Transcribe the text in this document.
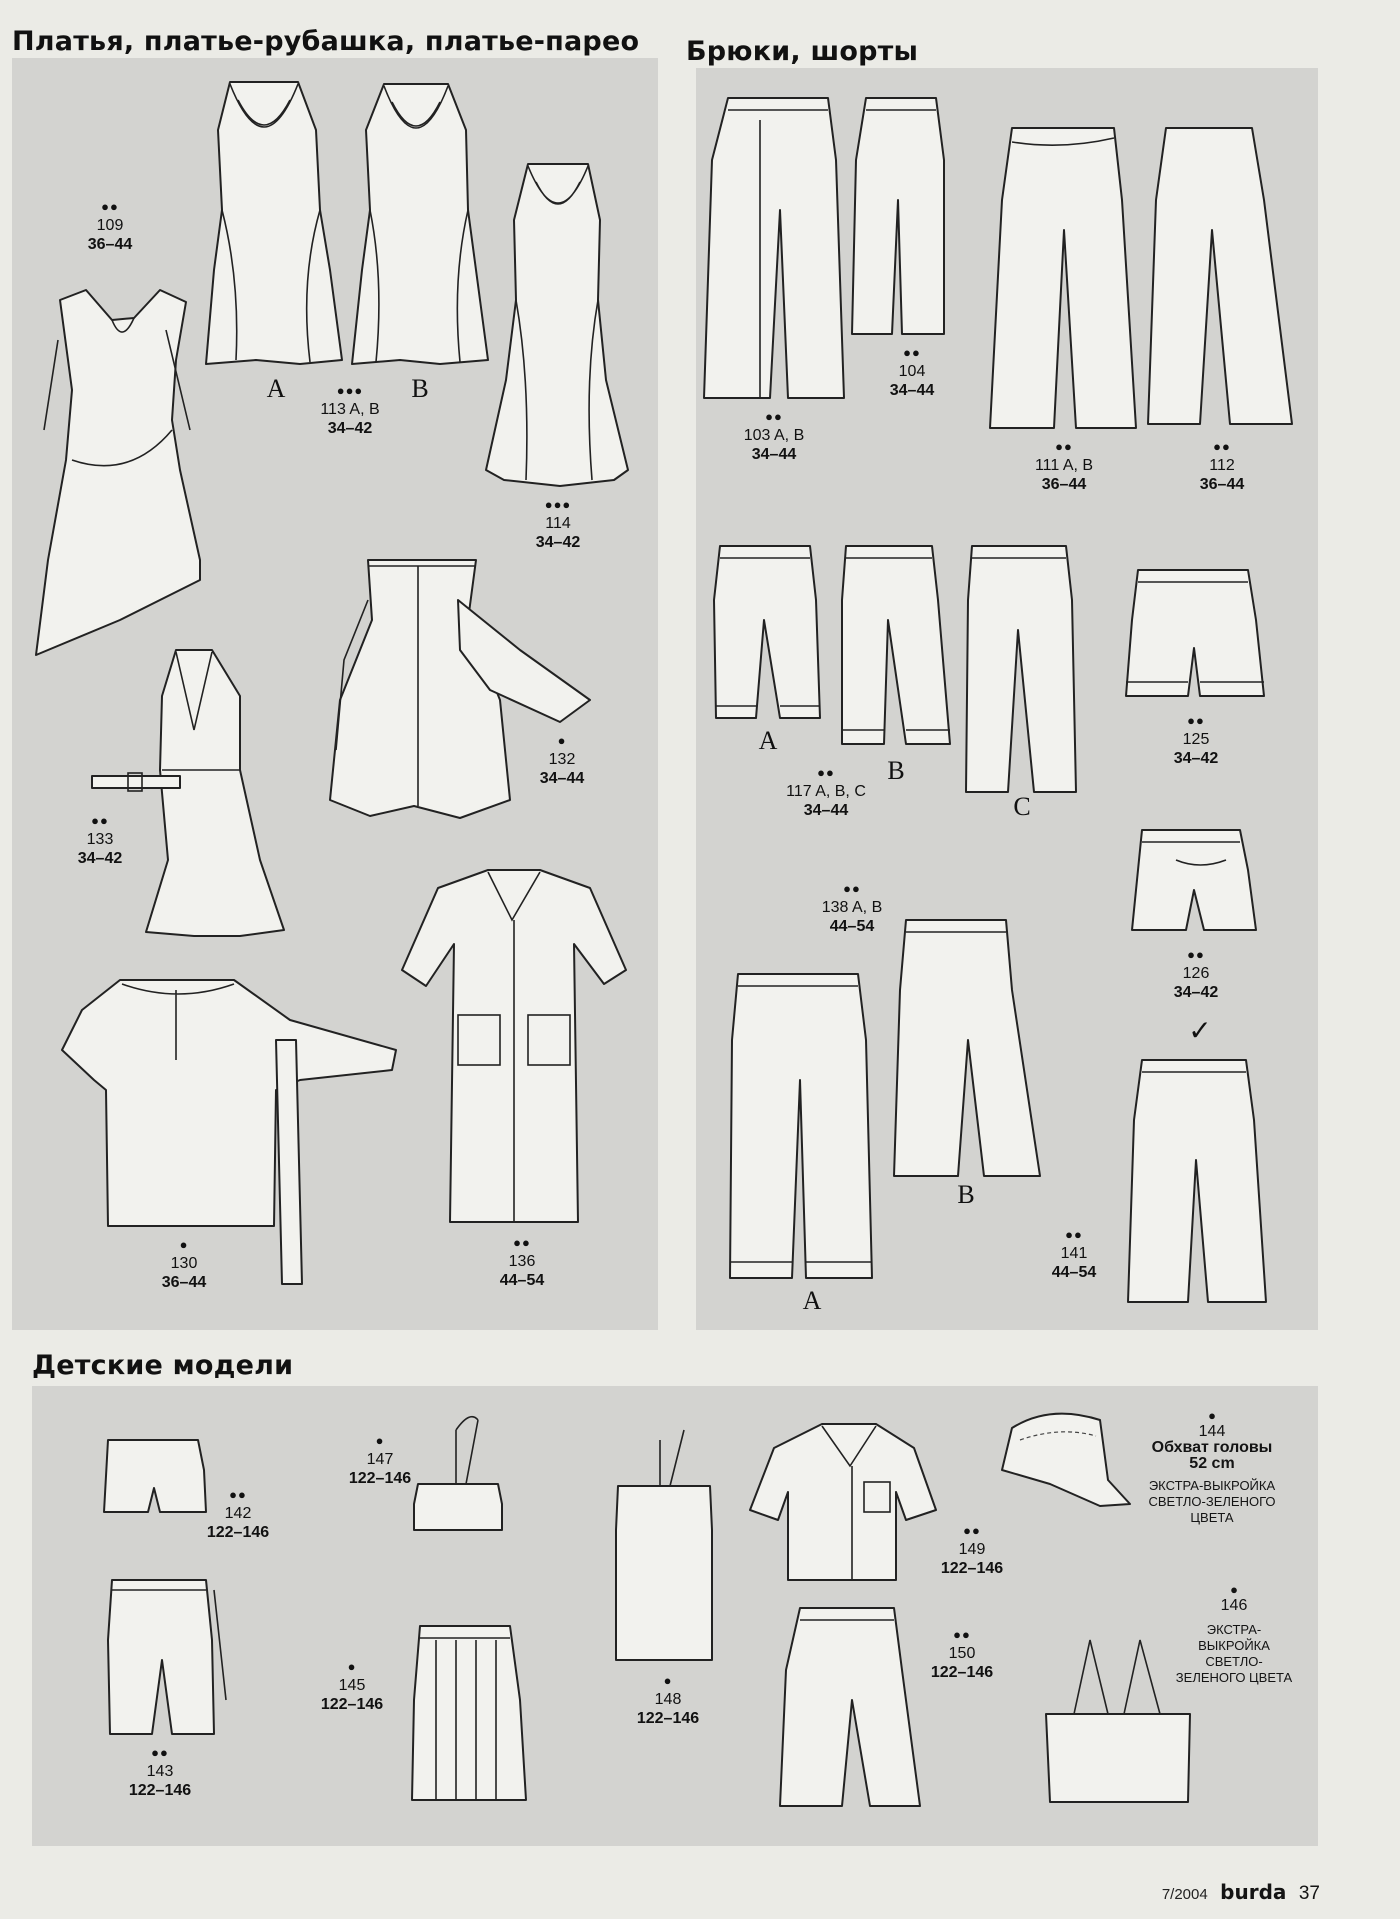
Платья, платье-рубашка, платье-парео Брюки, шорты
Детские модели
●●
109
36–44
A	B
●●●
113 A, B
34–42
●●●
114
34–42
●
132
34–44
●●
133
34–42
●
130
36–44
●●
136
44–54
●●
103 A, B
34–44
●●
104
34–44
●●
111 A, B
36–44
●●
112
36–44
A
B
C
●●
117 A, B, C
34–44
●●
125
34–42
●●
138 A, B
44–54
B
A
●●
126
34–42
✓
●●
141
44–54
●●
142
122–146
●
147
122–146
●●
143
122–146
●
145
122–146
●
148
122–146
●●
149
122–146
●●
150
122–146
●
144
Обхват головы
52 cm
ЭКСТРА-ВЫКРОЙКА
СВЕТЛО-ЗЕЛЕНОГО
ЦВЕТА
●
146
ЭКСТРА-
ВЫКРОЙКА
СВЕТЛО-
ЗЕЛЕНОГО ЦВЕТА
7/2004 burda 37
